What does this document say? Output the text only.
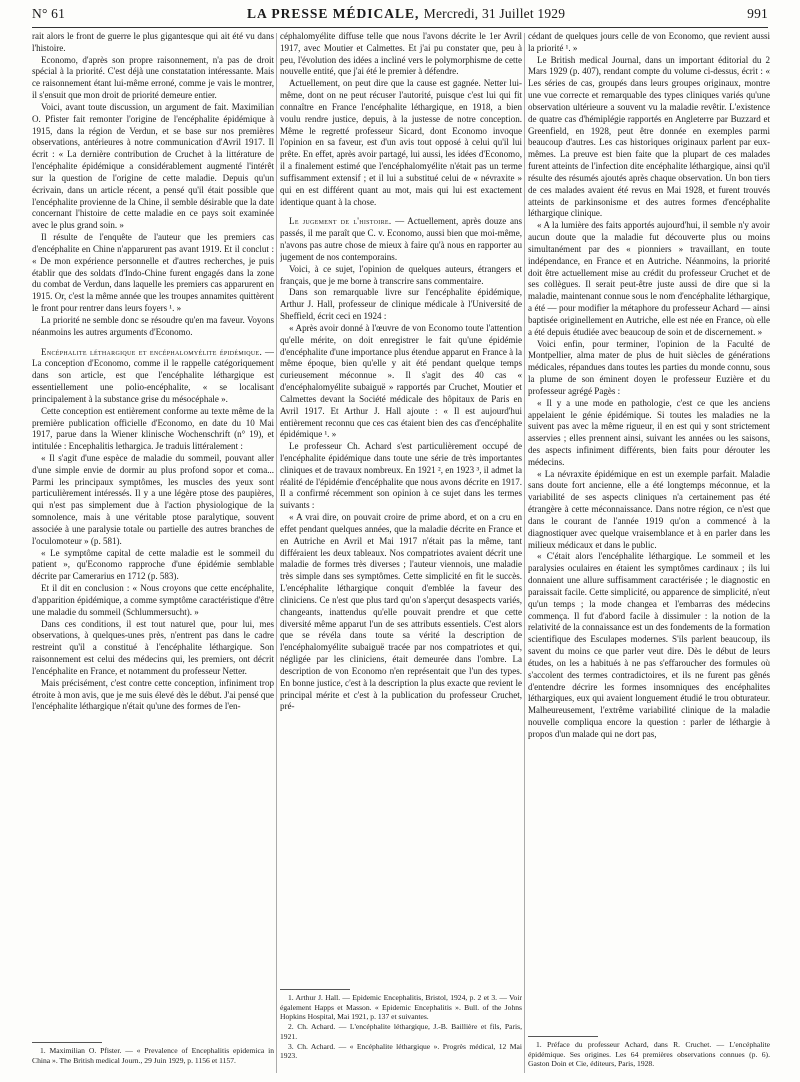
N° 61	LA PRESSE MÉDICALE, Mercredi, 31 Juillet 1929	991

rait alors le front de guerre le plus gigantesque qui ait été vu dans l'histoire.

Economo, d'après son propre raisonnement, n'a pas de droit spécial à la priorité. C'est déjà une constatation intéressante. Mais ce raisonnement étant lui-même erroné, comme je vais le montrer, il s'ensuit que mon droit de priorité demeure entier.

Voici, avant toute discussion, un argument de fait. Maximilian O. Pfister fait remonter l'origine de l'encéphalite épidémique à 1915, dans la région de Verdun, et se base sur nos premières observations, antérieures à notre communication d'Avril 1917. Il écrit : « La dernière contribution de Cruchet à la littérature de l'encéphalite épidémique a considérablement augmenté l'intérêt sur la question de l'origine de cette maladie. Depuis qu'un écrivain, dans un article récent, a pensé qu'il était possible que l'encéphalite provienne de la Chine, il semble désirable que la date concernant l'histoire de cette maladie en ce pays soit examinée avec le plus grand soin. »

Il résulte de l'enquête de l'auteur que les premiers cas d'encéphalite en Chine n'apparurent pas avant 1919. Et il conclut : « De mon expérience personnelle et d'autres recherches, je puis établir que des soldats d'Indo-Chine furent engagés dans la zone du combat de Verdun, dans laquelle les premiers cas apparurent en 1915. Or, c'est la même année que les troupes annamites quittèrent le front pour rentrer dans leurs foyers ¹. »

La priorité ne semble donc se résoudre qu'en ma faveur. Voyons néanmoins les autres arguments d'Economo.

Encéphalite léthargique et encéphalomyélite épidémique. — La conception d'Economo, comme il le rappelle catégoriquement dans son article, est que l'encéphalite léthargique est essentiellement une polio-encéphalite, « se localisant principalement à la substance grise du mésocéphale ».

Cette conception est entièrement conforme au texte même de la première publication officielle d'Economo, en date du 10 Mai 1917, parue dans la Wiener klinische Wochenschrift (n° 19), et intitulée : Encephalitis lethargica. Je traduis littéralement :

« Il s'agit d'une espèce de maladie du sommeil, pouvant aller d'une simple envie de dormir au plus profond sopor et coma... Parmi les principaux symptômes, les muscles des yeux sont particulièrement intéressés. Il y a une légère ptose des paupières, qui n'est pas simplement due à l'action physiologique de la somnolence, mais à une véritable ptose paralytique, souvent associée à une paralysie totale ou partielle des autres branches de l'oculomoteur » (p. 581).

« Le symptôme capital de cette maladie est le sommeil du patient », qu'Economo rapproche d'une épidémie semblable décrite par Camerarius en 1712 (p. 583).

Et il dit en conclusion : « Nous croyons que cette encéphalite, d'apparition épidémique, a comme symptôme caractéristique d'être une maladie du sommeil (Schlummersucht). »

Dans ces conditions, il est tout naturel que, pour lui, mes observations, à quelques-unes près, n'entrent pas dans le cadre restreint qu'il a constitué à l'encéphalite léthargique. Son raisonnement est celui des médecins qui, les premiers, ont décrit l'encéphalite en France, et notamment du professeur Netter.

Mais précisément, c'est contre cette conception, infiniment trop étroite à mon avis, que je me suis élevé dès le début. J'ai pensé que l'encéphalite léthargique n'était qu'une des formes de l'en-

céphalomyélite diffuse telle que nous l'avons décrite le 1er Avril 1917, avec Moutier et Calmettes. Et j'ai pu constater que, peu à peu, l'évolution des idées a incliné vers le polymorphisme de cette nouvelle entité, que j'ai été le premier à défendre.

Actuellement, on peut dire que la cause est gagnée. Netter lui-même, dont on ne peut récuser l'autorité, puisque c'est lui qui fit connaître en France l'encéphalite léthargique, en 1918, a bien voulu rendre justice, depuis, à la justesse de notre conception. Même le regretté professeur Sicard, dont Economo invoque l'opinion en sa faveur, est d'un avis tout opposé à celui qu'il lui prête. En effet, après avoir partagé, lui aussi, les idées d'Economo, il a finalement estimé que l'encéphalomyélite n'était pas un terme suffisamment extensif ; et il lui a substitué celui de « névraxite » qui en est différent quant au mot, mais qui lui est exactement identique quant à la chose.

Le jugement de l'histoire. — Actuellement, après douze ans passés, il me paraît que C. v. Economo, aussi bien que moi-même, n'avons pas autre chose de mieux à faire qu'à nous en rapporter au jugement de nos contemporains.

Voici, à ce sujet, l'opinion de quelques auteurs, étrangers et français, que je me borne à transcrire sans commentaire.

Dans son remarquable livre sur l'encéphalite épidémique, Arthur J. Hall, professeur de clinique médicale à l'Université de Sheffield, écrit ceci en 1924 :

« Après avoir donné à l'œuvre de von Economo toute l'attention qu'elle mérite, on doit enregistrer le fait qu'une épidémie d'encéphalite d'une importance plus étendue apparut en France à la même époque, bien qu'elle y ait été pendant quelque temps curieusement méconnue ». Il s'agit des 40 cas « d'encéphalomyélite subaiguë » rapportés par Cruchet, Moutier et Calmettes devant la Société médicale des hôpitaux de Paris en Avril 1917. Et Arthur J. Hall ajoute : « Il est aujourd'hui entièrement reconnu que ces cas étaient bien des cas d'encéphalite épidémique ¹. »

Le professeur Ch. Achard s'est particulièrement occupé de l'encéphalite épidémique dans toute une série de très importantes cliniques et de travaux nombreux. En 1921 ², en 1923 ³, il admet la réalité de l'épidémie d'encéphalite que nous avons décrite en 1917. Il a confirmé récemment son opinion à ce sujet dans les termes suivants :

« A vrai dire, on pouvait croire de prime abord, et on a cru en effet pendant quelques années, que la maladie décrite en France et en Autriche en Avril et Mai 1917 n'était pas la même, tant différaient les deux tableaux. Nos compatriotes avaient décrit une maladie de formes très diverses ; l'auteur viennois, une maladie très simple dans ses symptômes. Cette simplicité en fit le succès. L'encéphalite léthargique conquit d'emblée la faveur des cliniciens. Ce n'est que plus tard qu'on s'aperçut desaspects variés, changeants, inattendus qu'elle pouvait prendre et que cette diversité même apparut l'un de ses attributs essentiels. C'est alors que se révéla dans toute sa vérité la description de l'encéphalomyélite subaiguë tracée par nos compatriotes et qui, négligée par les cliniciens, était demeurée dans l'ombre. La description de von Economo n'en représentait que l'un des types. En bonne justice, c'est à la description la plus exacte que revient le principal mérite et c'est à la publication du professeur Cruchet, pré-

cédant de quelques jours celle de von Economo, que revient aussi la priorité ¹. »

Le British medical Journal, dans un important éditorial du 2 Mars 1929 (p. 407), rendant compte du volume ci-dessus, écrit : « Les séries de cas, groupés dans leurs groupes originaux, montre une vue correcte et remarquable des types cliniques variés qu'une observation ultérieure a souvent vu la maladie revêtir. L'existence de quatre cas d'hémiplégie rapportés en Angleterre par Buzzard et Greenfield, en 1928, peut être donnée en exemples parmi beaucoup d'autres. Les cas historiques originaux parlent par eux-mêmes. La preuve est bien faite que la plupart de ces malades furent atteints de l'infection dite encéphalite léthargique, ainsi qu'il résulte des résumés ajoutés après chaque observation. Un bon tiers de ces malades avaient été revus en Mai 1928, et furent trouvés atteints de parkinsonisme et des autres formes d'encéphalite léthargique clinique.

« A la lumière des faits apportés aujourd'hui, il semble n'y avoir aucun doute que la maladie fut découverte plus ou moins simultanément par des « pionniers » travaillant, en toute indépendance, en France et en Autriche. Néanmoins, la priorité doit être actuellement mise au crédit du professeur Cruchet et de ses collègues. Il serait peut-être juste aussi de dire que si la maladie, maintenant connue sous le nom d'encéphalite léthargique, a été — pour modifier la métaphore du professeur Achard — ainsi baptisée originellement en Autriche, elle est née en France, où elle a été depuis étudiée avec beaucoup de soin et de discernement. »

Voici enfin, pour terminer, l'opinion de la Faculté de Montpellier, alma mater de plus de huit siècles de générations médicales, répandues dans toutes les parties du monde connu, sous la plume de son éminent doyen le professeur Euzière et du professeur agrégé Pagès :

« Il y a une mode en pathologie, c'est ce que les anciens appelaient le génie épidémique. Si toutes les maladies ne la suivent pas avec la même rigueur, il en est qui y sont strictement asservies ; elles prennent ainsi, suivant les années ou les saisons, des aspects infiniment différents, bien faits pour dérouter les médecins.

« La névraxite épidémique en est un exemple parfait. Maladie sans doute fort ancienne, elle a été longtemps méconnue, et la variabilité de ses aspects cliniques n'a certainement pas été étrangère à cette méconnaissance. Dans notre région, ce n'est que dans le courant de l'année 1919 qu'on a commencé à la diagnostiquer avec quelque vraisemblance et à en parler dans les milieux médicaux et dans le public.

« C'était alors l'encéphalite léthargique. Le sommeil et les paralysies oculaires en étaient les symptômes cardinaux ; ils lui donnaient une allure suffisamment caractérisée ; le diagnostic en paraissait facile. Cette simplicité, ou apparence de simplicité, n'eut qu'un temps ; la mode changea et l'embarras des médecins commença. Il fut d'abord facile à dissimuler : la notion de la relativité de la connaissance est un des fondements de la formation scientifique des Esculapes modernes. S'ils parlent beaucoup, ils savent du moins ce que parler veut dire. Dès le début de leurs études, on les a habitués à ne pas s'effaroucher des formules où s'accolent des termes contradictoires, et ils ne furent pas gênés d'entendre décrire les formes insomniques des encéphalites léthargiques, eux qui avaient longuement étudié le trou obturateur. Malheureusement, l'extrême variabilité clinique de la maladie nouvelle compliqua encore la question : parler de léthargie à propos d'un malade qui ne dort pas,

1. Maximilian O. Pfister. — « Prevalence of Encephalitis epidemica in China ». The British medical Journ., 29 Juin 1929, p. 1156 et 1157.

1. Arthur J. Hall. — Epidemic Encephalitis, Bristol, 1924, p. 2 et 3. — Voir également Happs et Masson. « Epidemic Encephalitis ». Bull. of the Johns Hopkins Hospital, Mai 1921, p. 137 et suivantes.

2. Ch. Achard. — L'encéphalite léthargique, J.-B. Baillière et fils, Paris, 1921.

3. Ch. Achard. — « Encéphalite léthargique ». Progrès médical, 12 Mai 1923.

1. Préface du professeur Achard, dans R. Cruchet. — L'encéphalite épidémique. Ses origines. Les 64 premières observations connues (p. 6). Gaston Doin et Cie, éditeurs, Paris, 1928.
